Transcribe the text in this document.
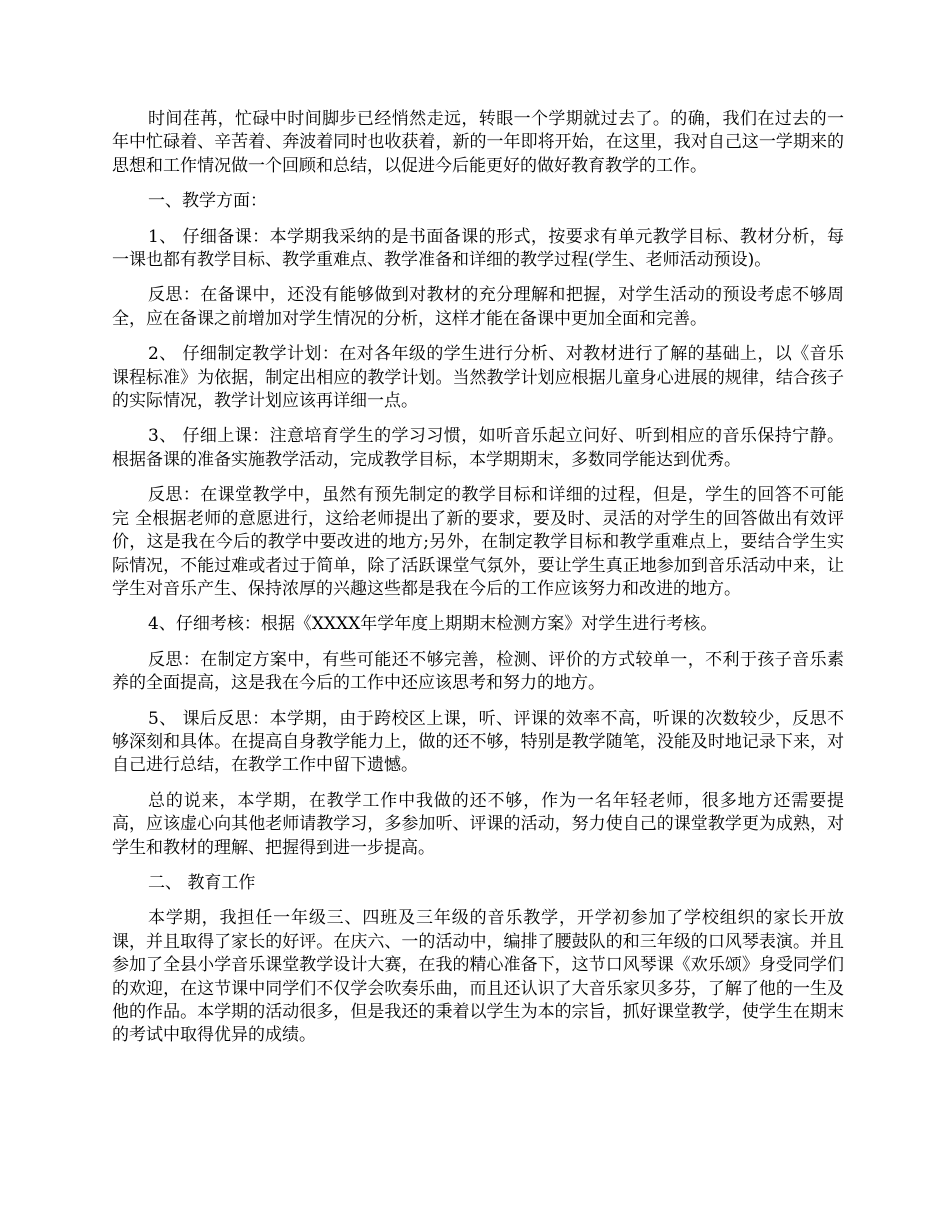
时间荏苒，忙碌中时间脚步已经悄然走远，转眼一个学期就过去了。的确，我们在过去的一年中忙碌着、辛苦着、奔波着同时也收获着，新的一年即将开始，在这里，我对自己这一学期来的思想和工作情况做一个回顾和总结，以促进今后能更好的做好教育教学的工作。

一、教学方面：

1、 仔细备课：本学期我采纳的是书面备课的形式，按要求有单元教学目标、教材分析，每一课也都有教学目标、教学重难点、教学准备和详细的教学过程(学生、老师活动预设)。

反思：在备课中，还没有能够做到对教材的充分理解和把握，对学生活动的预设考虑不够周全，应在备课之前增加对学生情况的分析，这样才能在备课中更加全面和完善。

2、 仔细制定教学计划：在对各年级的学生进行分析、对教材进行了解的基础上，以《音乐课程标准》为依据，制定出相应的教学计划。当然教学计划应根据儿童身心进展的规律，结合孩子的实际情况，教学计划应该再详细一点。

3、 仔细上课：注意培育学生的学习习惯，如听音乐起立问好、听到相应的音乐保持宁静。根据备课的准备实施教学活动，完成教学目标，本学期期末，多数同学能达到优秀。

反思：在课堂教学中，虽然有预先制定的教学目标和详细的过程，但是，学生的回答不可能完 全根据老师的意愿进行，这给老师提出了新的要求，要及时、灵活的对学生的回答做出有效评价，这是我在今后的教学中要改进的地方;另外，在制定教学目标和教学重难点上，要结合学生实际情况，不能过难或者过于简单，除了活跃课堂气氛外，要让学生真正地参加到音乐活动中来，让学生对音乐产生、保持浓厚的兴趣这些都是我在今后的工作应该努力和改进的地方。

4、仔细考核：根据《XXXX年学年度上期期末检测方案》对学生进行考核。

反思：在制定方案中，有些可能还不够完善，检测、评价的方式较单一，不利于孩子音乐素养的全面提高，这是我在今后的工作中还应该思考和努力的地方。

5、 课后反思：本学期，由于跨校区上课，听、评课的效率不高，听课的次数较少，反思不够深刻和具体。在提高自身教学能力上，做的还不够，特别是教学随笔，没能及时地记录下来，对自己进行总结，在教学工作中留下遗憾。

总的说来，本学期，在教学工作中我做的还不够，作为一名年轻老师，很多地方还需要提高，应该虚心向其他老师请教学习，多参加听、评课的活动，努力使自己的课堂教学更为成熟，对学生和教材的理解、把握得到进一步提高。

二、 教育工作

本学期，我担任一年级三、四班及三年级的音乐教学，开学初参加了学校组织的家长开放课，并且取得了家长的好评。在庆六、一的活动中，编排了腰鼓队的和三年级的口风琴表演。并且参加了全县小学音乐课堂教学设计大赛，在我的精心准备下，这节口风琴课《欢乐颂》身受同学们的欢迎，在这节课中同学们不仅学会吹奏乐曲，而且还认识了大音乐家贝多芬，了解了他的一生及他的作品。本学期的活动很多，但是我还的秉着以学生为本的宗旨，抓好课堂教学，使学生在期末的考试中取得优异的成绩。
